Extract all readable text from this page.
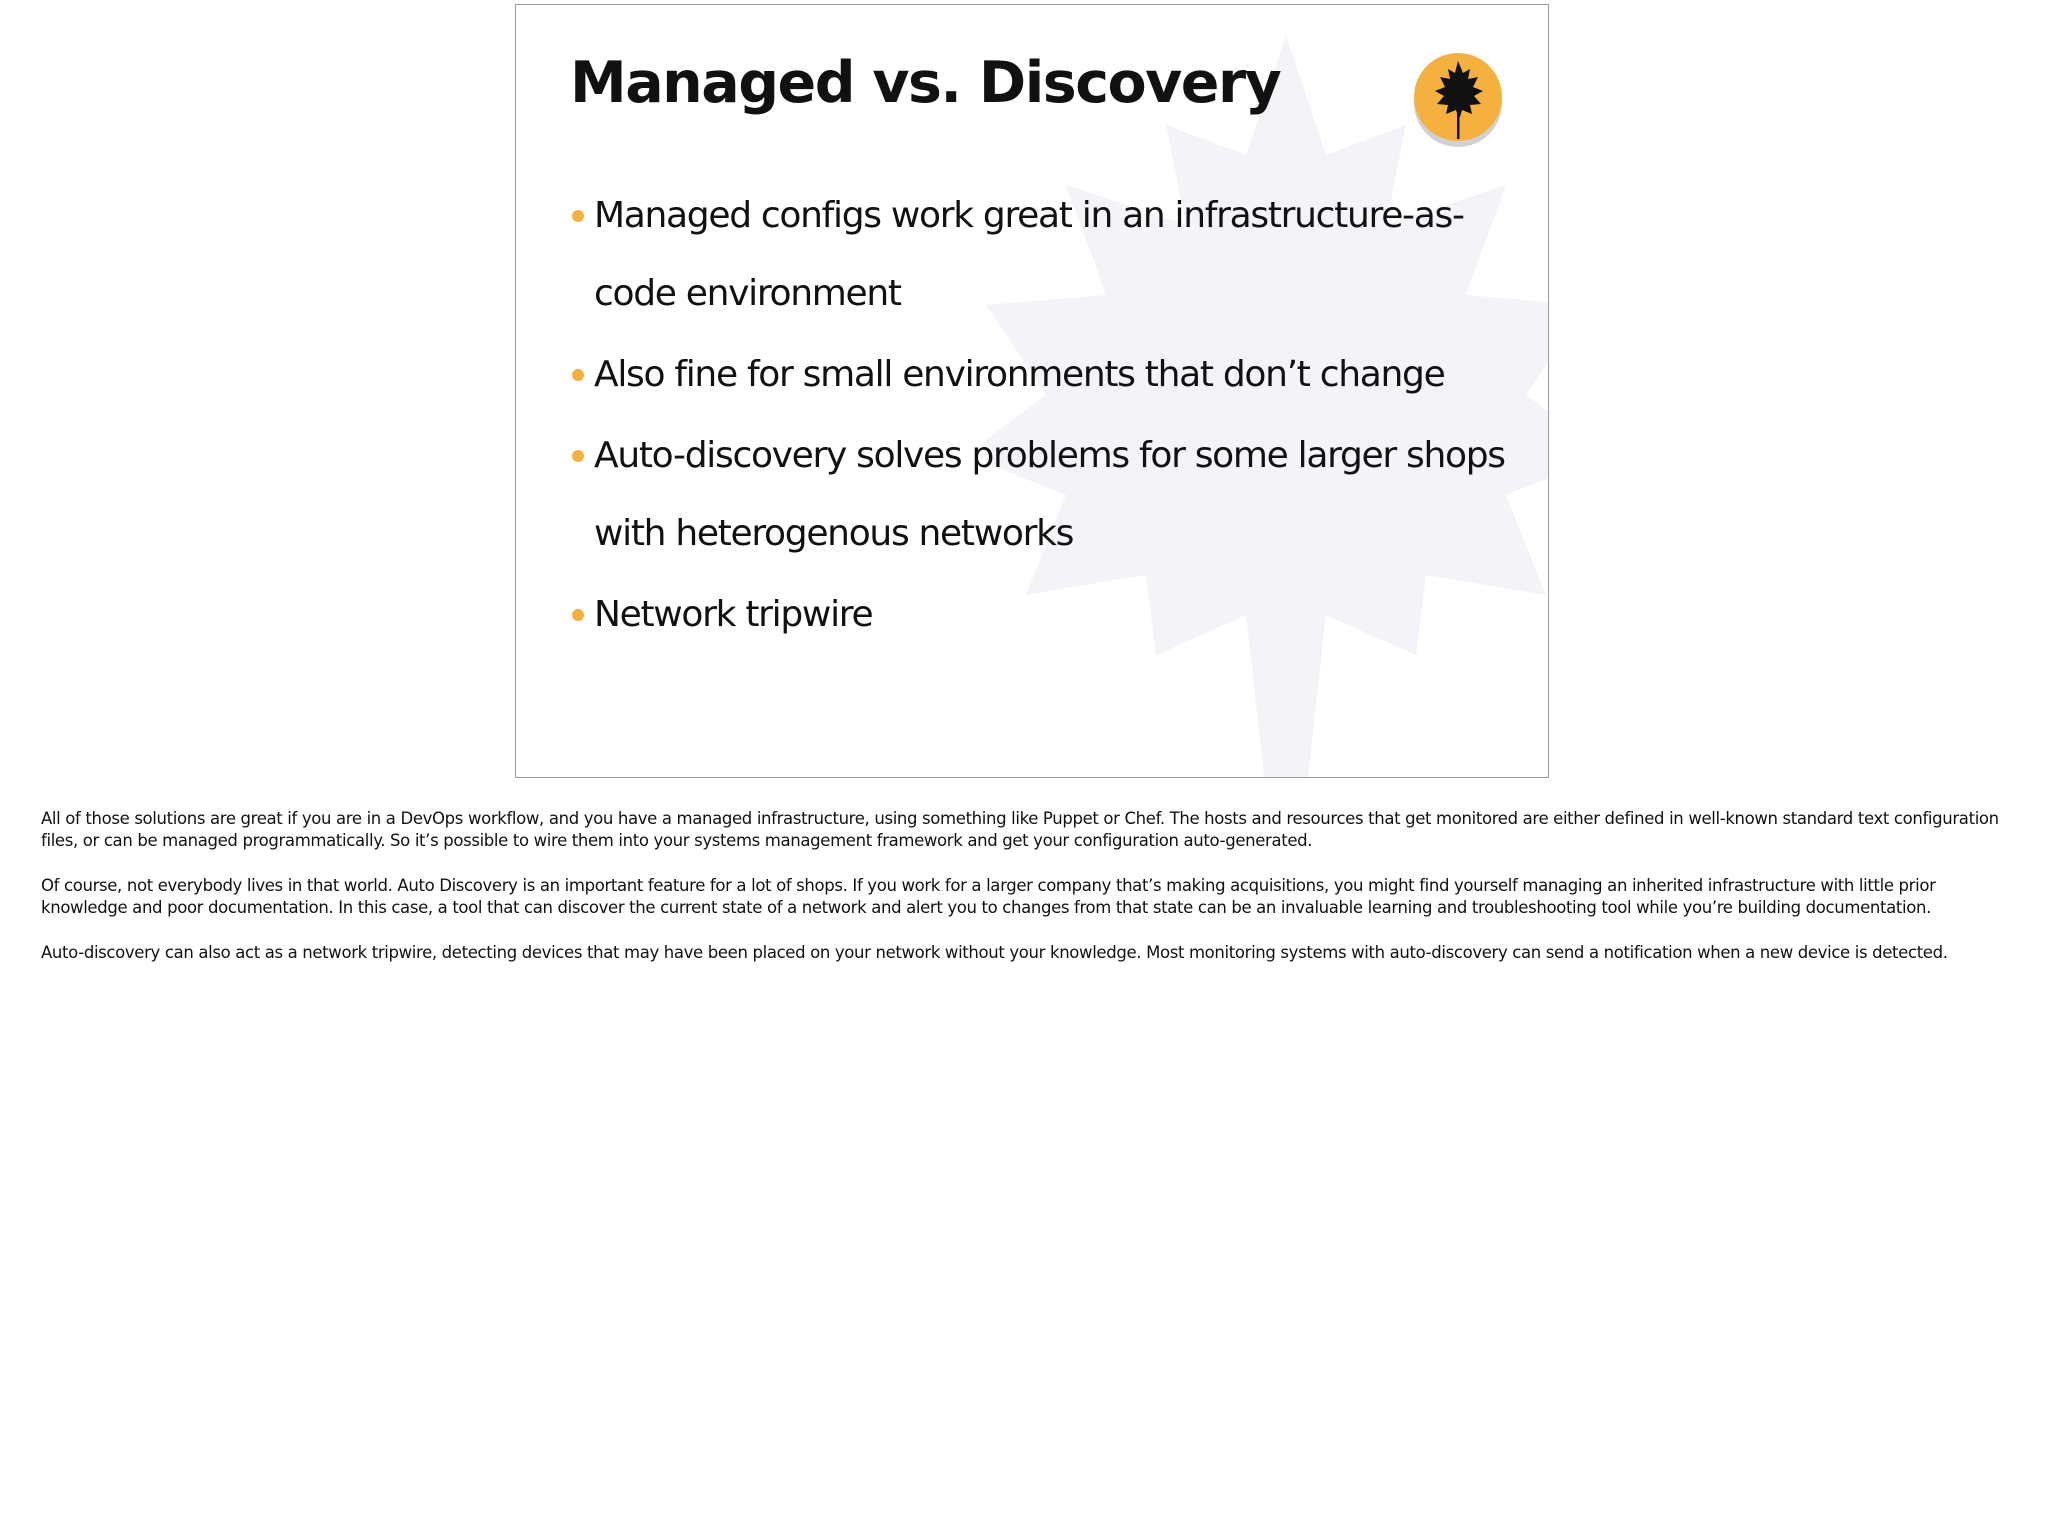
Managed vs. Discovery
Managed configs work great in an infrastructure-as-code environment
Also fine for small environments that don’t change
Auto-discovery solves problems for some larger shops with heterogenous networks
Network tripwire

All of those solutions are great if you are in a DevOps workflow, and you have a managed infrastructure, using something like Puppet or Chef. The hosts and resources that get monitored are either defined in well-known standard text configuration files, or can be managed programmatically. So it’s possible to wire them into your systems management framework and get your configuration auto-generated.

Of course, not everybody lives in that world. Auto Discovery is an important feature for a lot of shops. If you work for a larger company that’s making acquisitions, you might find yourself managing an inherited infrastructure with little prior knowledge and poor documentation. In this case, a tool that can discover the current state of a network and alert you to changes from that state can be an invaluable learning and troubleshooting tool while you’re building documentation.

Auto-discovery can also act as a network tripwire, detecting devices that may have been placed on your network without your knowledge. Most monitoring systems with auto-discovery can send a notification when a new device is detected.
